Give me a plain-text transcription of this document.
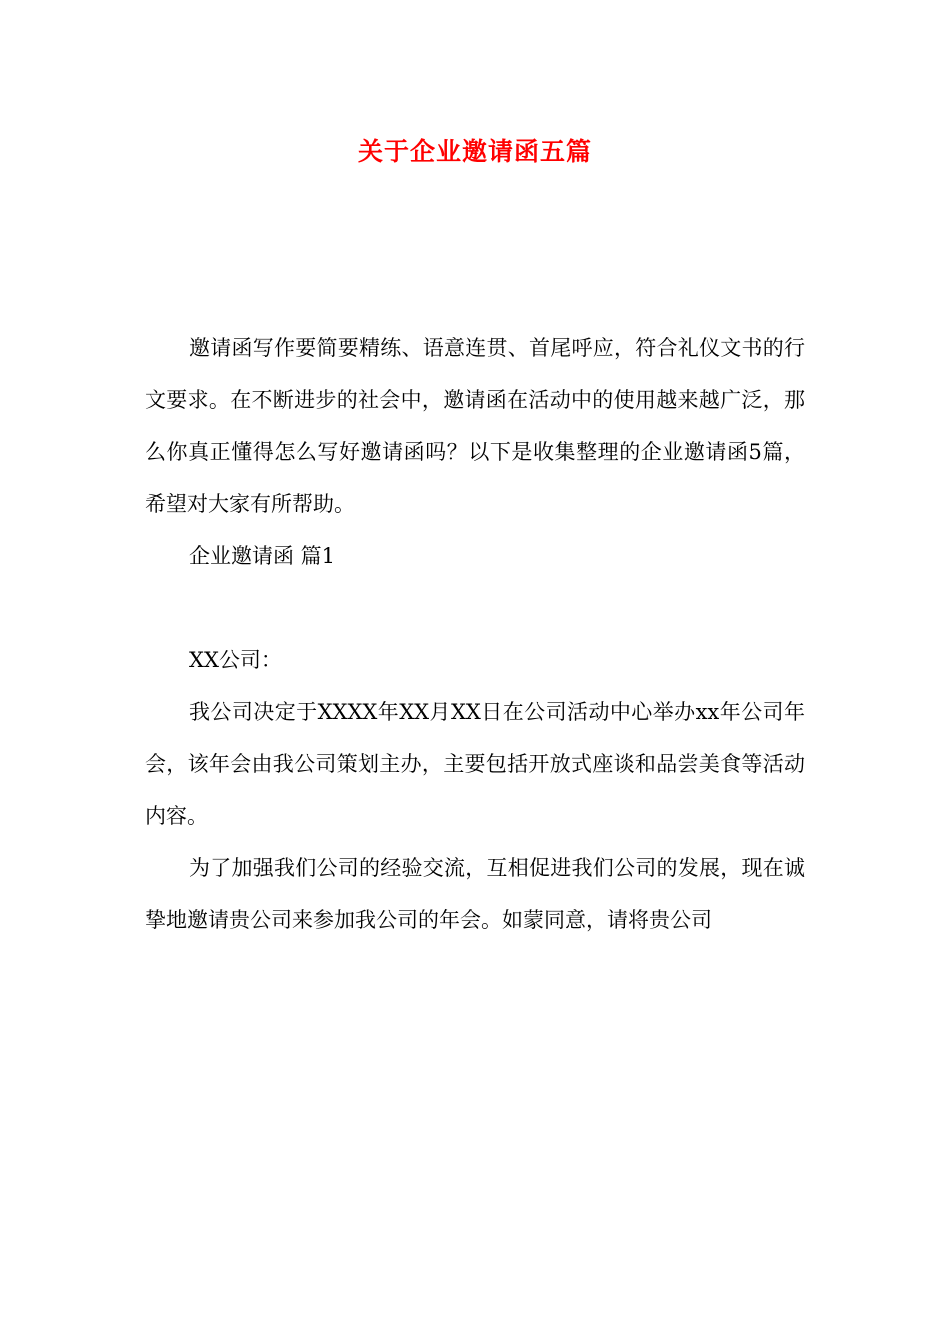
关于企业邀请函五篇

邀请函写作要简要精练、语意连贯、首尾呼应，符合礼仪文书的行文要求。在不断进步的社会中，邀请函在活动中的使用越来越广泛，那么你真正懂得怎么写好邀请函吗？以下是收集整理的企业邀请函5篇，希望对大家有所帮助。

企业邀请函 篇1

XX公司：

我公司决定于XXXX年XX月XX日在公司活动中心举办xx年公司年会，该年会由我公司策划主办，主要包括开放式座谈和品尝美食等活动内容。

为了加强我们公司的经验交流，互相促进我们公司的发展，现在诚挚地邀请贵公司来参加我公司的年会。如蒙同意，请将贵公司
